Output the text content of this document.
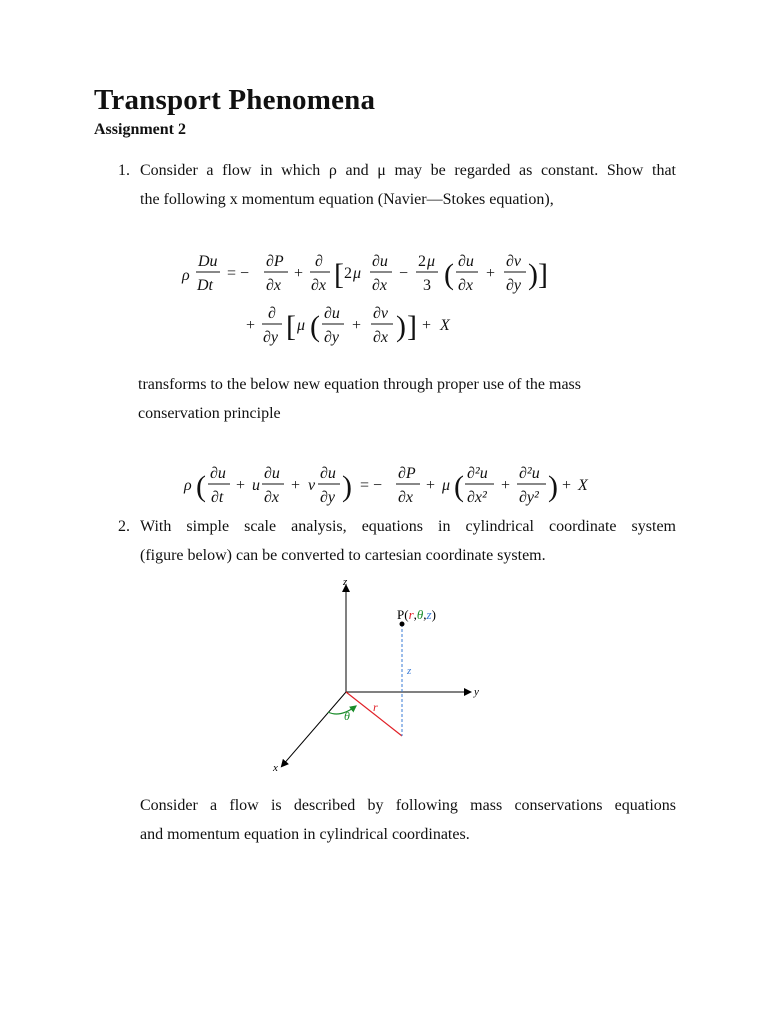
Transport Phenomena
Assignment 2
1. Consider a flow in which ρ and μ may be regarded as constant. Show that
the following x momentum equation (Navier—Stokes equation),
ρ
Du
Dt
= −
∂P
∂x
+
∂
∂x [ 2 μ
∂u
∂x
−
2 μ
3 ( ∂u
∂x
+
∂v
∂y ) ]
+
∂
∂y [ μ ( ∂u
∂y
+
∂v
∂x ) ] + X
transforms to the below new equation through proper use of the mass
conservation principle
ρ ( ∂u
∂t
+ u
∂u
∂x
+ v
∂u
∂y ) = −
∂P
∂x
+ μ ( ∂²u
∂x²
+
∂²u
∂y² ) + X
2. With simple scale analysis, equations in cylindrical coordinate system
(figure below) can be converted to cartesian coordinate system.
z
y
x
P(r,θ,z)
z
r
θ
Consider a flow is described by following mass conservations equations
and momentum equation in cylindrical coordinates.
